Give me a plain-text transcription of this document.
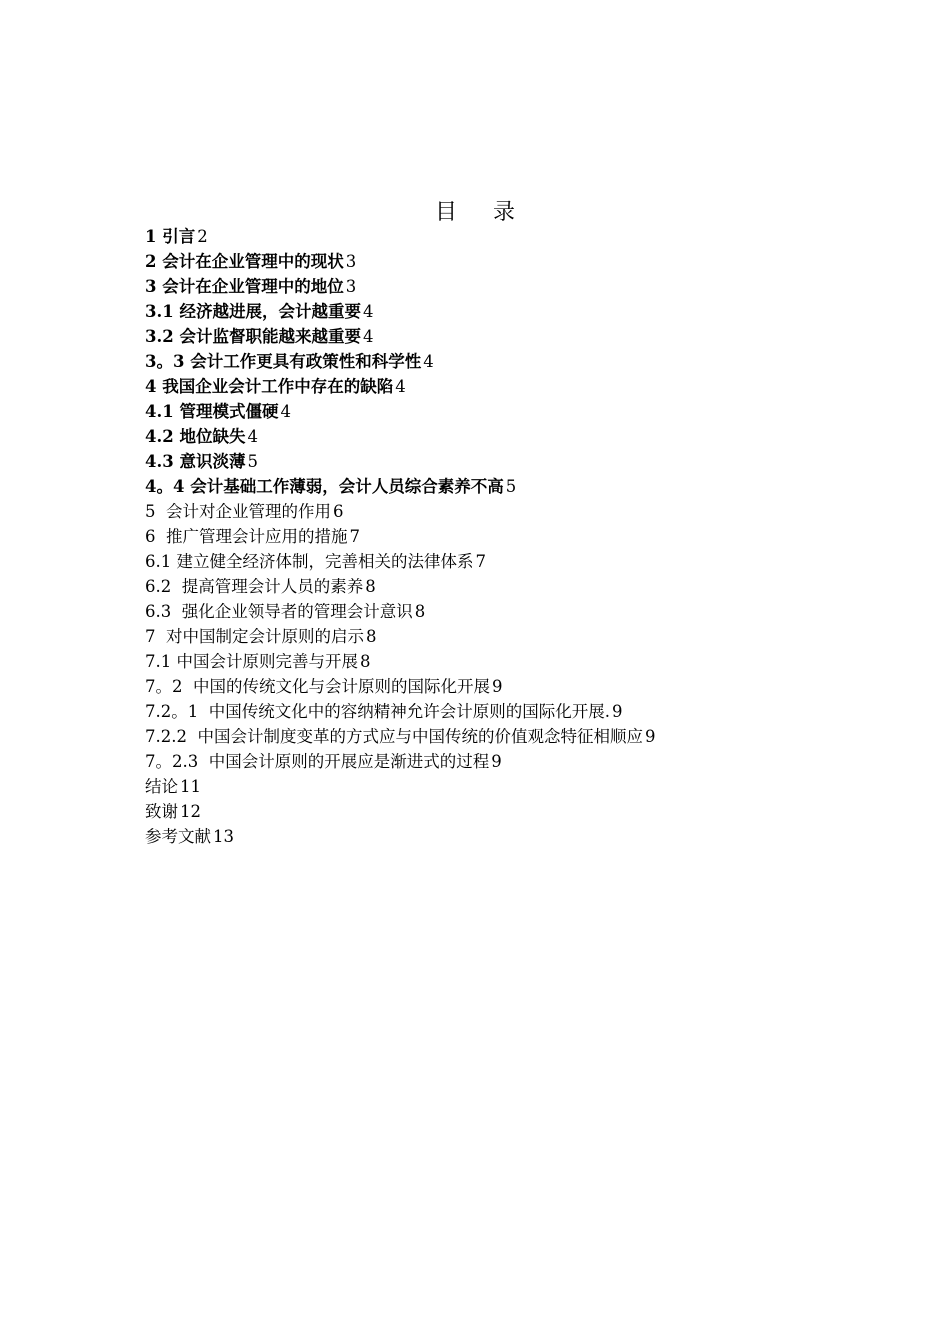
目录
1 引言 2
2 会计在企业管理中的现状 3
3 会计在企业管理中的地位 3
3.1 经济越进展，会计越重要 4
3.2 会计监督职能越来越重要 4
3。3 会计工作更具有政策性和科学性 4
4 我国企业会计工作中存在的缺陷 4
4.1 管理模式僵硬 4
4.2 地位缺失 4
4.3 意识淡薄 5
4。4 会计基础工作薄弱，会计人员综合素养不高 5
5  会计对企业管理的作用 6
6  推广管理会计应用的措施 7
6.1 建立健全经济体制，完善相关的法律体系 7
6.2  提高管理会计人员的素养 8
6.3  强化企业领导者的管理会计意识 8
7  对中国制定会计原则的启示 8
7.1 中国会计原则完善与开展 8
7。2  中国的传统文化与会计原则的国际化开展 9
7.2。1  中国传统文化中的容纳精神允许会计原则的国际化开展. 9
7.2.2  中国会计制度变革的方式应与中国传统的价值观念特征相顺应 9
7。2.3  中国会计原则的开展应是渐进式的过程 9
结论 11
致谢 12
参考文献 13
